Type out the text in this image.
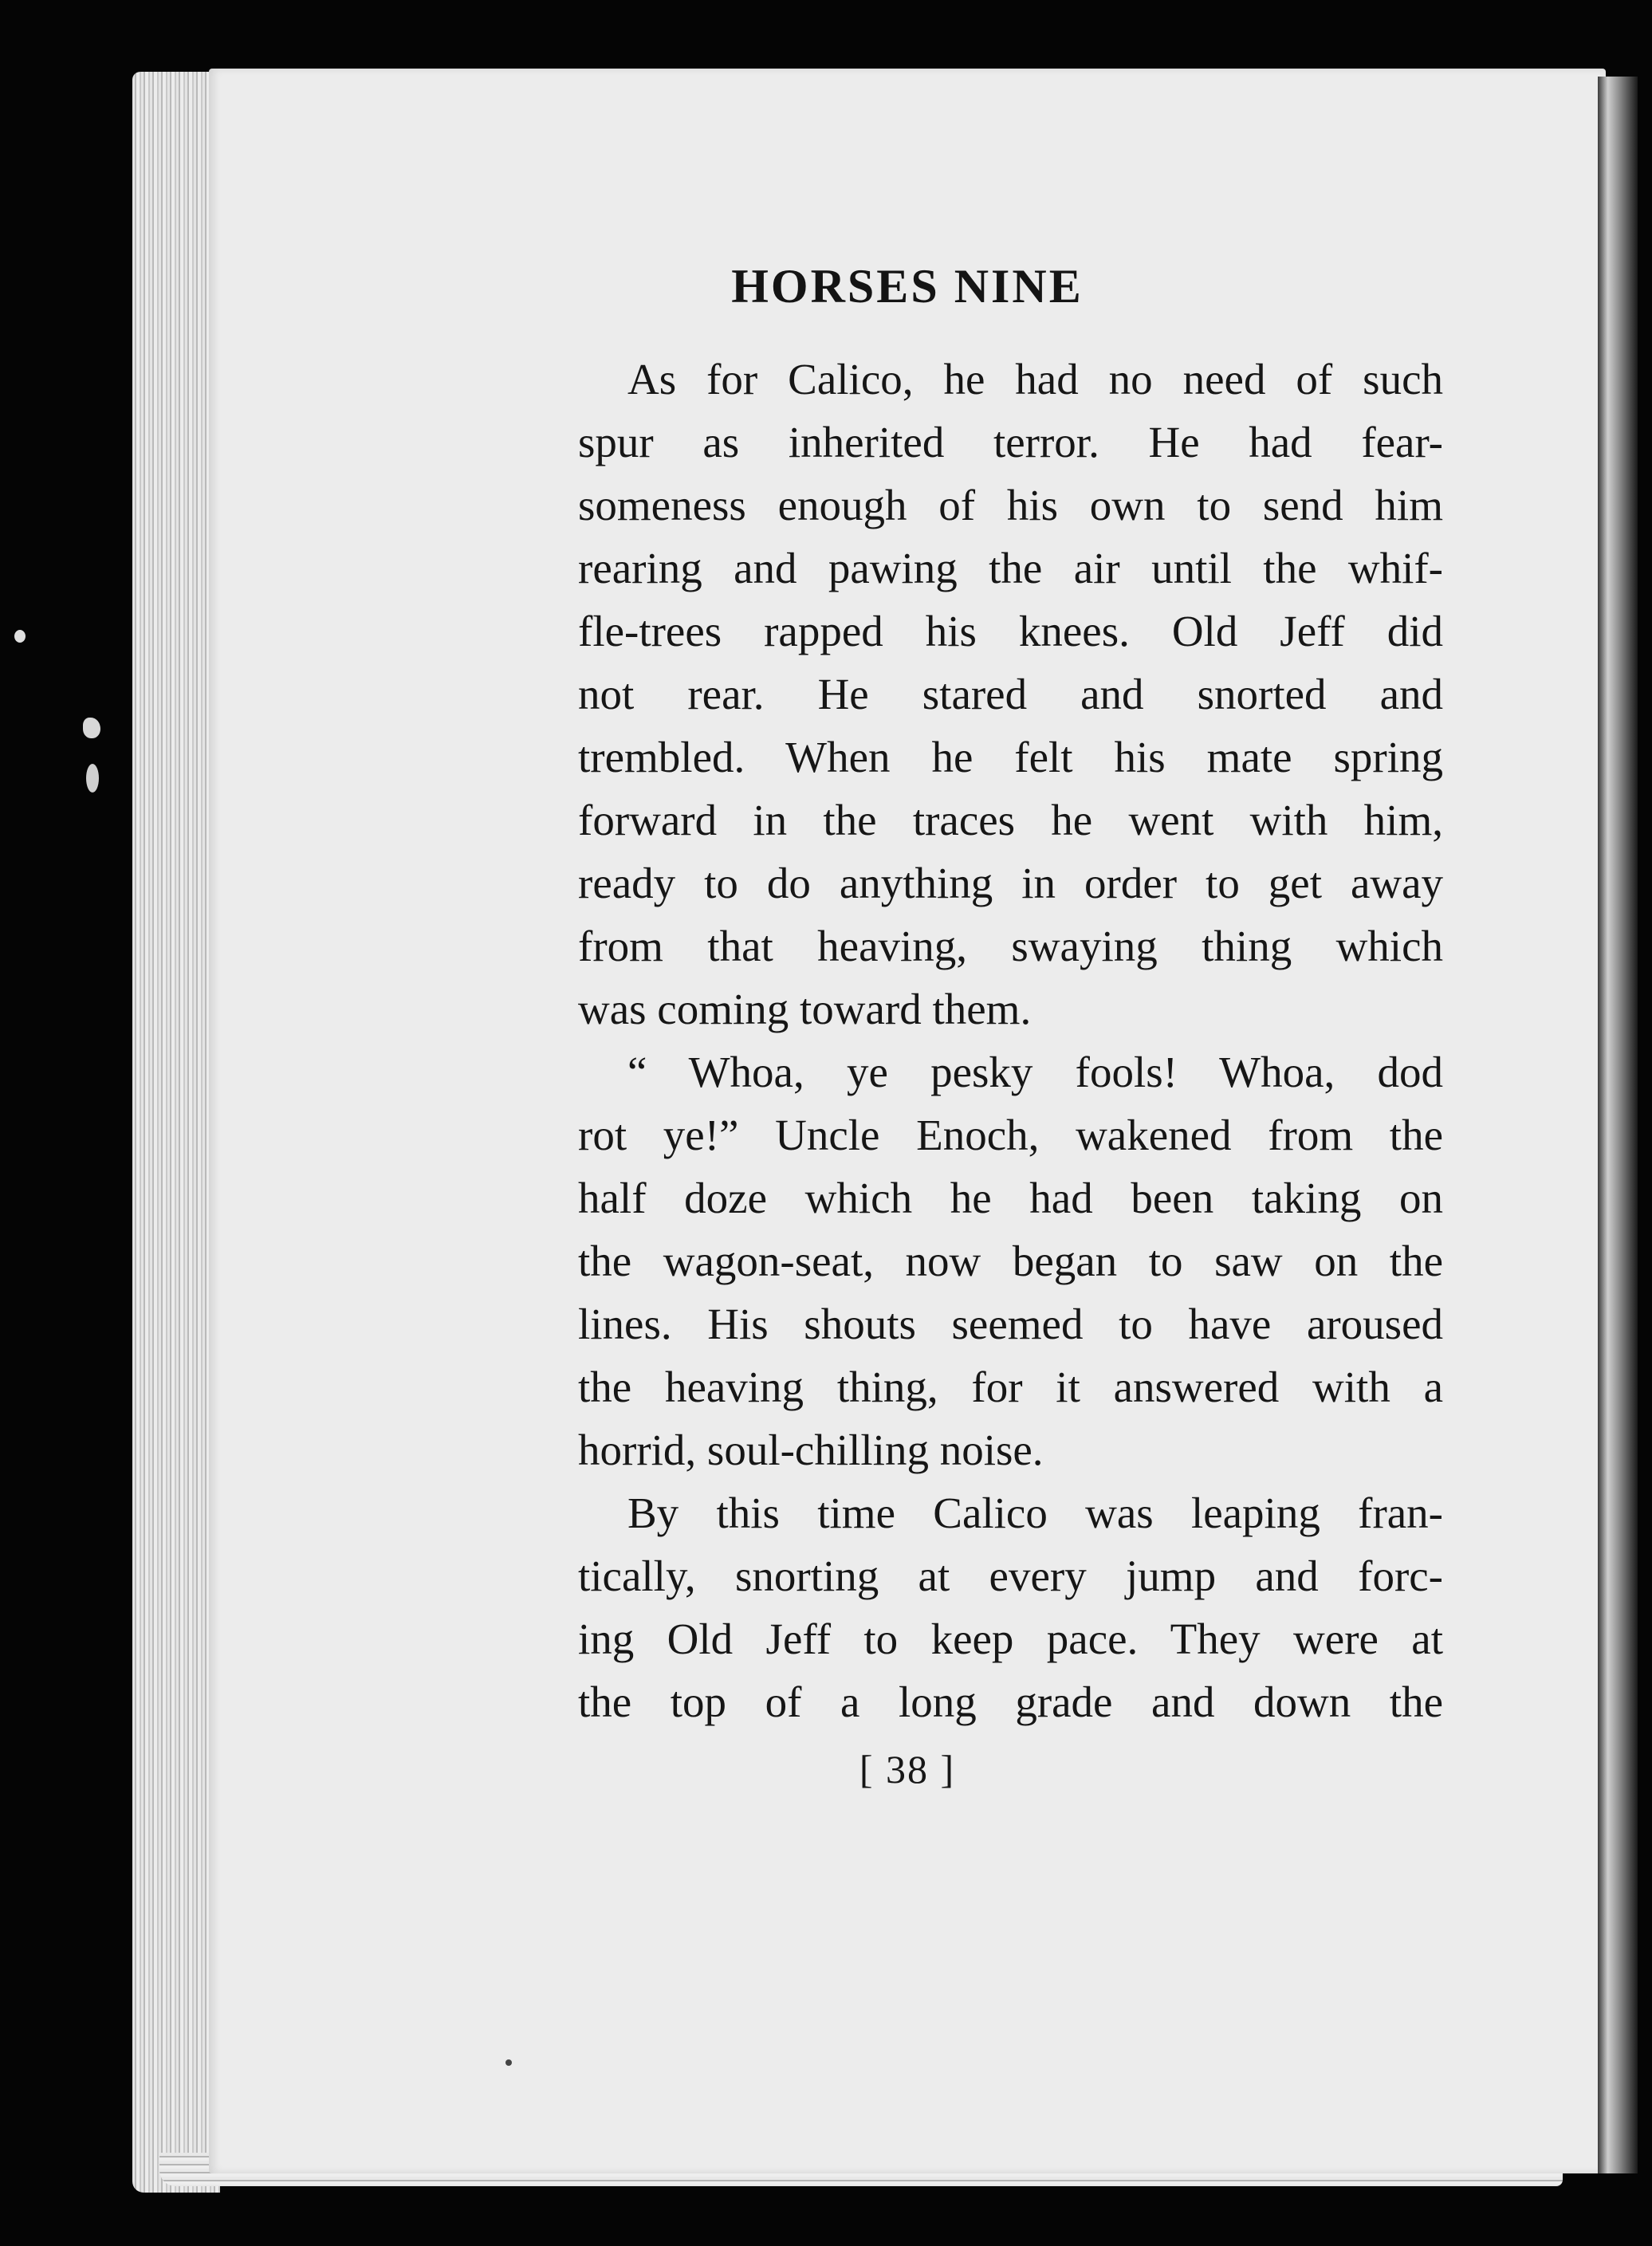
HORSES NINE
As for Calico, he had no need of such
spur as inherited terror. He had fear-
someness enough of his own to send him
rearing and pawing the air until the whif-
fle-trees rapped his knees. Old Jeff did
not rear. He stared and snorted and
trembled. When he felt his mate spring
forward in the traces he went with him,
ready to do anything in order to get away
from that heaving, swaying thing which
was coming toward them.
“ Whoa, ye pesky fools! Whoa, dod
rot ye!” Uncle Enoch, wakened from the
half doze which he had been taking on
the wagon-seat, now began to saw on the
lines. His shouts seemed to have aroused
the heaving thing, for it answered with a
horrid, soul-chilling noise.
By this time Calico was leaping fran-
tically, snorting at every jump and forc-
ing Old Jeff to keep pace. They were at
the top of a long grade and down the

[ 38 ]
